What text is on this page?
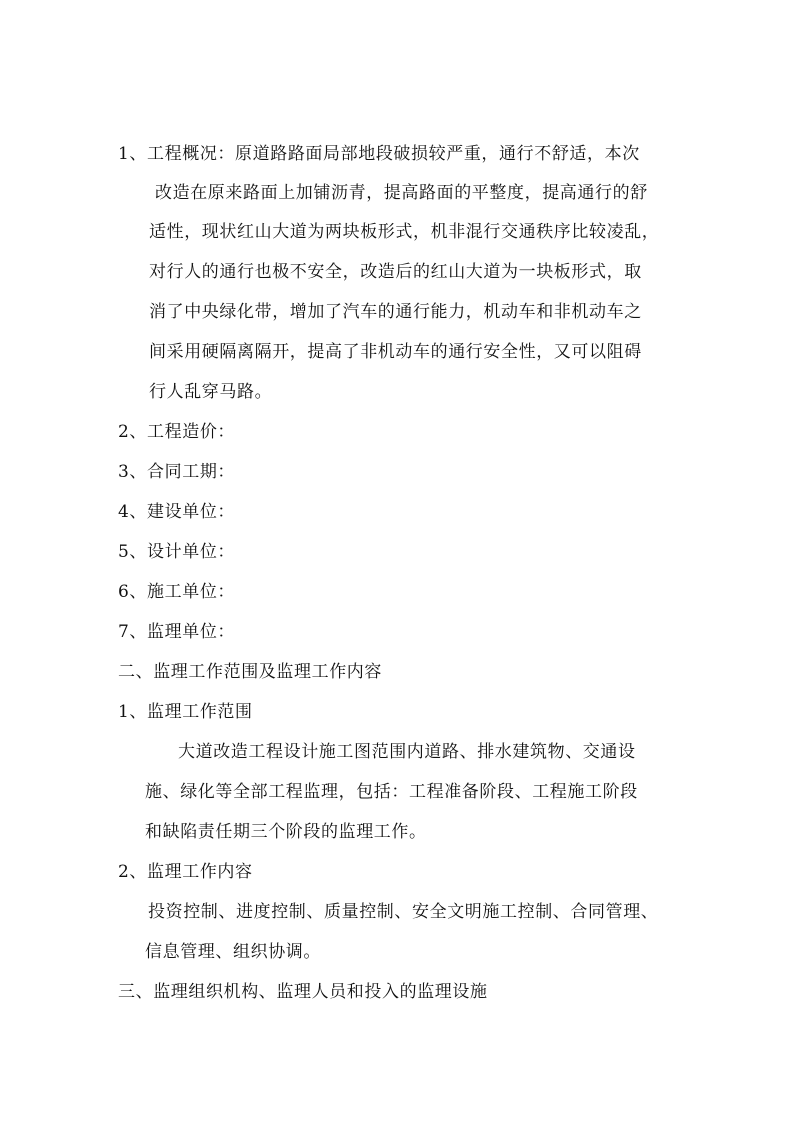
1、工程概况：原道路路面局部地段破损较严重，通行不舒适，本次
改造在原来路面上加铺沥青，提高路面的平整度，提高通行的舒
适性，现状红山大道为两块板形式，机非混行交通秩序比较凌乱，
对行人的通行也极不安全，改造后的红山大道为一块板形式，取
消了中央绿化带，增加了汽车的通行能力，机动车和非机动车之
间采用硬隔离隔开，提高了非机动车的通行安全性，又可以阻碍
行人乱穿马路。
2、工程造价：
3、合同工期：
4、建设单位：
5、设计单位：
6、施工单位：
7、监理单位：
二、监理工作范围及监理工作内容
1、监理工作范围
大道改造工程设计施工图范围内道路、排水建筑物、交通设
施、绿化等全部工程监理，包括：工程准备阶段、工程施工阶段
和缺陷责任期三个阶段的监理工作。
2、监理工作内容
投资控制、进度控制、质量控制、安全文明施工控制、合同管理、
信息管理、组织协调。
三、监理组织机构、监理人员和投入的监理设施
